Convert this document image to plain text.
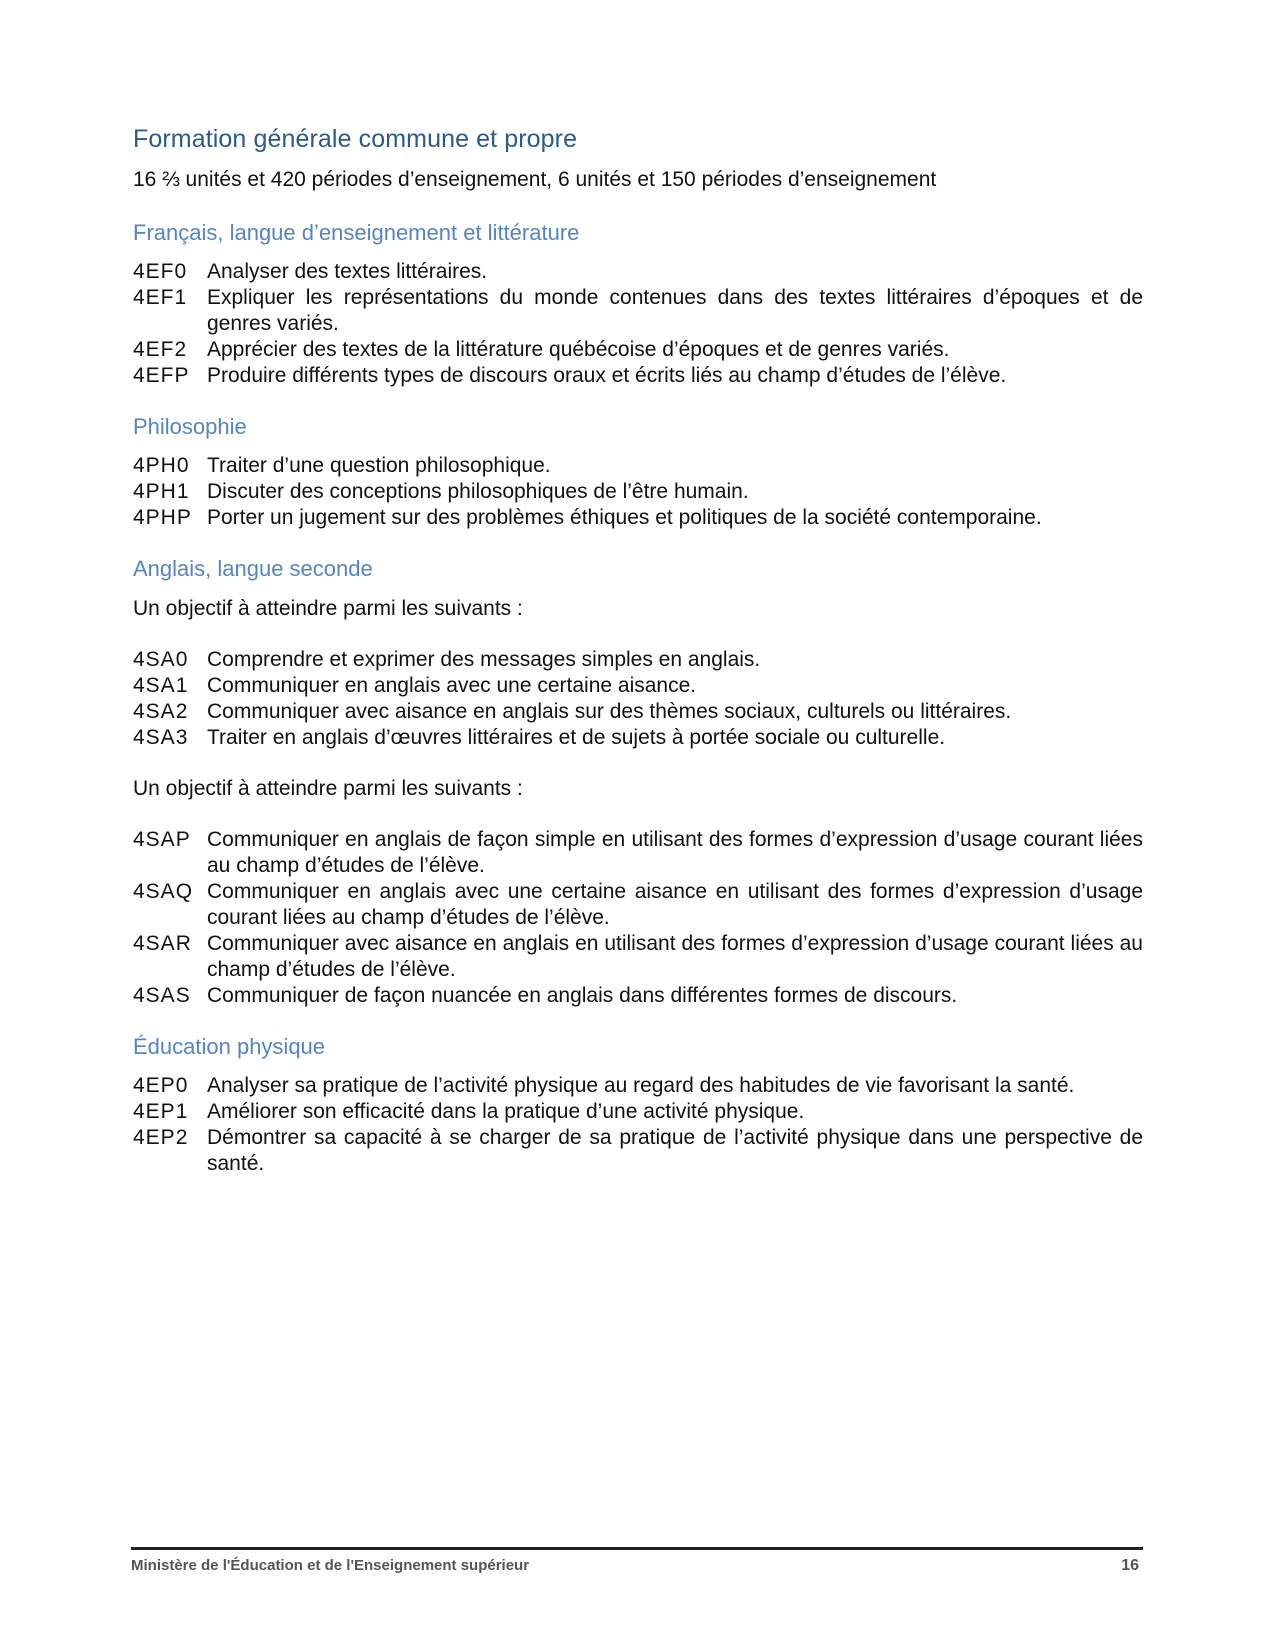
Formation générale commune et propre

16 ⅔ unités et 420 périodes d’enseignement, 6 unités et 150 périodes d’enseignement

Français, langue d’enseignement et littérature
4EF0 Analyser des textes littéraires.
4EF1 Expliquer les représentations du monde contenues dans des textes littéraires d’époques et de genres variés.
4EF2 Apprécier des textes de la littérature québécoise d’époques et de genres variés.
4EFP Produire différents types de discours oraux et écrits liés au champ d’études de l’élève.
Philosophie
4PH0 Traiter d’une question philosophique.
4PH1 Discuter des conceptions philosophiques de l’être humain.
4PHP Porter un jugement sur des problèmes éthiques et politiques de la société contemporaine.
Anglais, langue seconde

Un objectif à atteindre parmi les suivants :

4SA0 Comprendre et exprimer des messages simples en anglais.
4SA1 Communiquer en anglais avec une certaine aisance.
4SA2 Communiquer avec aisance en anglais sur des thèmes sociaux, culturels ou littéraires.
4SA3 Traiter en anglais d’œuvres littéraires et de sujets à portée sociale ou culturelle.

Un objectif à atteindre parmi les suivants :

4SAP Communiquer en anglais de façon simple en utilisant des formes d’expression d’usage courant liées au champ d’études de l’élève.
4SAQ Communiquer en anglais avec une certaine aisance en utilisant des formes d’expression d’usage courant liées au champ d’études de l’élève.
4SAR Communiquer avec aisance en anglais en utilisant des formes d’expression d’usage courant liées au champ d’études de l’élève.
4SAS Communiquer de façon nuancée en anglais dans différentes formes de discours.
Éducation physique
4EP0 Analyser sa pratique de l’activité physique au regard des habitudes de vie favorisant la santé.
4EP1 Améliorer son efficacité dans la pratique d’une activité physique.
4EP2 Démontrer sa capacité à se charger de sa pratique de l’activité physique dans une perspective de santé.
Ministère de l'Éducation et de l'Enseignement supérieur	16
